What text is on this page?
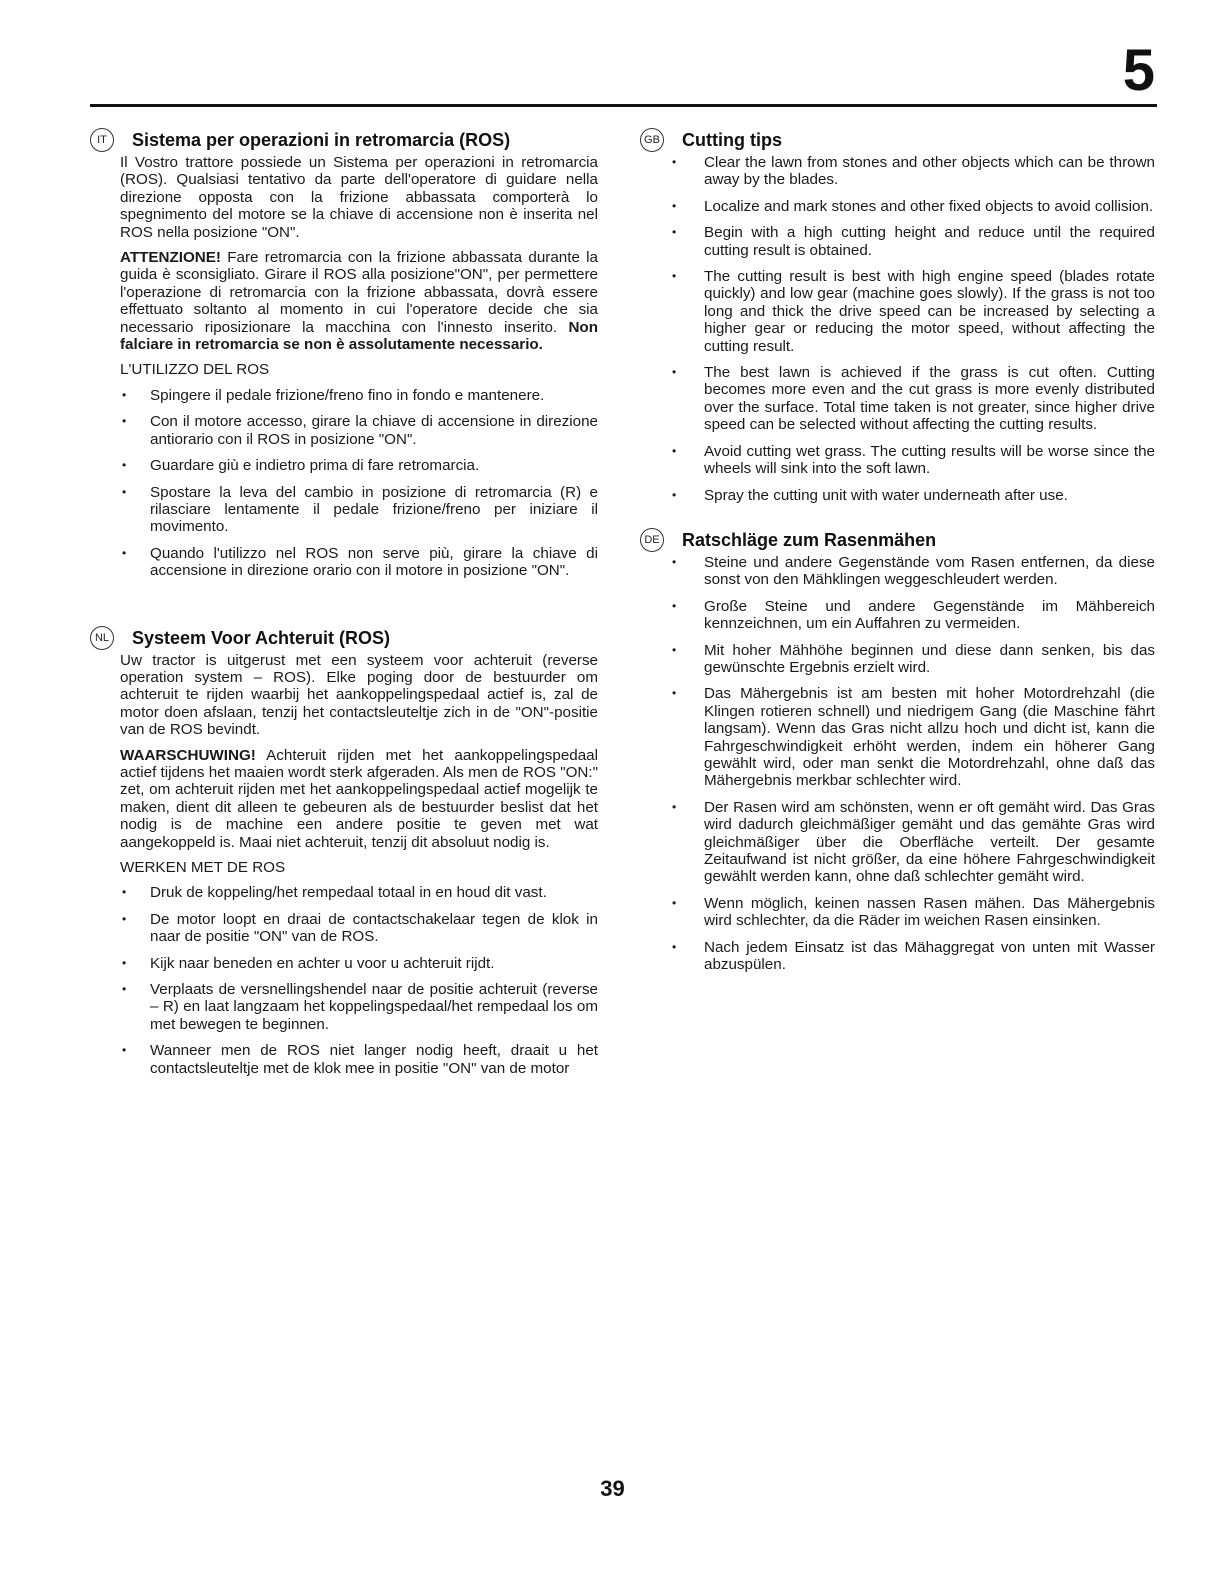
5
IT	Sistema per operazioni in retromarcia (ROS)

Il Vostro trattore possiede un Sistema per operazioni in retromarcia (ROS). Qualsiasi tentativo da parte dell'operatore di guidare nella direzione opposta con la frizione abbassata comporterà lo spegnimento del motore se la chiave di accensione non è inserita nel ROS nella posizione "ON".

ATTENZIONE! Fare retromarcia con la frizione abbassata durante la guida è sconsigliato. Girare il ROS alla posizione"ON", per permettere l'operazione di retromarcia con la frizione abbassata, dovrà essere effettuato soltanto al momento in cui l'operatore decide che sia necessario riposizionare la macchina con l'innesto inserito. Non falciare in retromarcia se non è assolutamente necessario.

L'UTILIZZO DEL ROS

• Spingere il pedale frizione/freno fino in fondo e mantenere.
• Con il motore accesso, girare la chiave di accensione in direzione antiorario con il ROS in posizione "ON".
• Guardare giù e indietro prima di fare retromarcia.
• Spostare la leva del cambio in posizione di retromarcia (R) e rilasciare lentamente il pedale frizione/freno per iniziare il movimento.
• Quando l'utilizzo nel ROS non serve più, girare la chiave di accensione in direzione orario con il motore in posizione "ON".
NL Systeem Voor Achteruit (ROS)

Uw tractor is uitgerust met een systeem voor achteruit (reverse operation system – ROS). Elke poging door de bestuurder om achteruit te rijden waarbij het aankoppelingspedaal actief is, zal de motor doen afslaan, tenzij het contactsleuteltje zich in de "ON"-positie van de ROS bevindt.

WAARSCHUWING! Achteruit rijden met het aankoppelingspedaal actief tijdens het maaien wordt sterk afgeraden. Als men de ROS "ON:" zet, om achteruit rijden met het aankoppelingspedaal actief mogelijk te maken, dient dit alleen te gebeuren als de bestuurder beslist dat het nodig is de machine een andere positie te geven met wat aangekoppeld is. Maai niet achteruit, tenzij dit absoluut nodig is.

WERKEN MET DE ROS

• Druk de koppeling/het rempedaal totaal in en houd dit vast.
• De motor loopt en draai de contactschakelaar tegen de klok in naar de positie "ON" van de ROS.
• Kijk naar beneden en achter u voor u achteruit rijdt.
• Verplaats de versnellingshendel naar de positie achteruit (reverse – R) en laat langzaam het koppelingspedaal/het rempedaal los om met bewegen te beginnen.
• Wanneer men de ROS niet langer nodig heeft, draait u het contactsleuteltje met de klok mee in positie "ON" van de motor
GB Cutting tips
• Clear the lawn from stones and other objects which can be thrown away by the blades.
• Localize and mark stones and other fixed objects to avoid collision.
• Begin with a high cutting height and reduce until the required cutting result is obtained.
• The cutting result is best with high engine speed (blades rotate quickly) and low gear (machine goes slowly). If the grass is not too long and thick the drive speed can be increased by selecting a higher gear or reducing the motor speed, without affecting the cutting result.
• The best lawn is achieved if the grass is cut often. Cutting becomes more even and the cut grass is more evenly distributed over the surface. Total time taken is not greater, since higher drive speed can be selected without affecting the cutting results.
• Avoid cutting wet grass. The cutting results will be worse since the wheels will sink into the soft lawn.
• Spray the cutting unit with water underneath after use.
DE Ratschläge zum Rasenmähen
• Steine und andere Gegenstände vom Rasen entfernen, da diese sonst von den Mähklingen weggeschleudert werden.
• Große Steine und andere Gegenstände im Mähbereich kennzeichnen, um ein Auffahren zu vermeiden.
• Mit hoher Mähhöhe beginnen und diese dann senken, bis das gewünschte Ergebnis erzielt wird.
• Das Mähergebnis ist am besten mit hoher Motordrehzahl (die Klingen rotieren schnell) und niedrigem Gang (die Maschine fährt langsam). Wenn das Gras nicht allzu hoch und dicht ist, kann die Fahrgeschwindigkeit erhöht werden, indem ein höherer Gang gewählt wird, oder man senkt die Motordrehzahl, ohne daß das Mähergebnis merkbar schlechter wird.
• Der Rasen wird am schönsten, wenn er oft gemäht wird. Das Gras wird dadurch gleichmäßiger gemäht und das gemähte Gras wird gleichmäßiger über die Oberfläche verteilt. Der gesamte Zeitaufwand ist nicht größer, da eine höhere Fahrgeschwindigkeit gewählt werden kann, ohne daß schlechter gemäht wird.
• Wenn möglich, keinen nassen Rasen mähen. Das Mähergebnis wird schlechter, da die Räder im weichen Rasen einsinken.
• Nach jedem Einsatz ist das Mähaggregat von unten mit Wasser abzuspülen.
39
